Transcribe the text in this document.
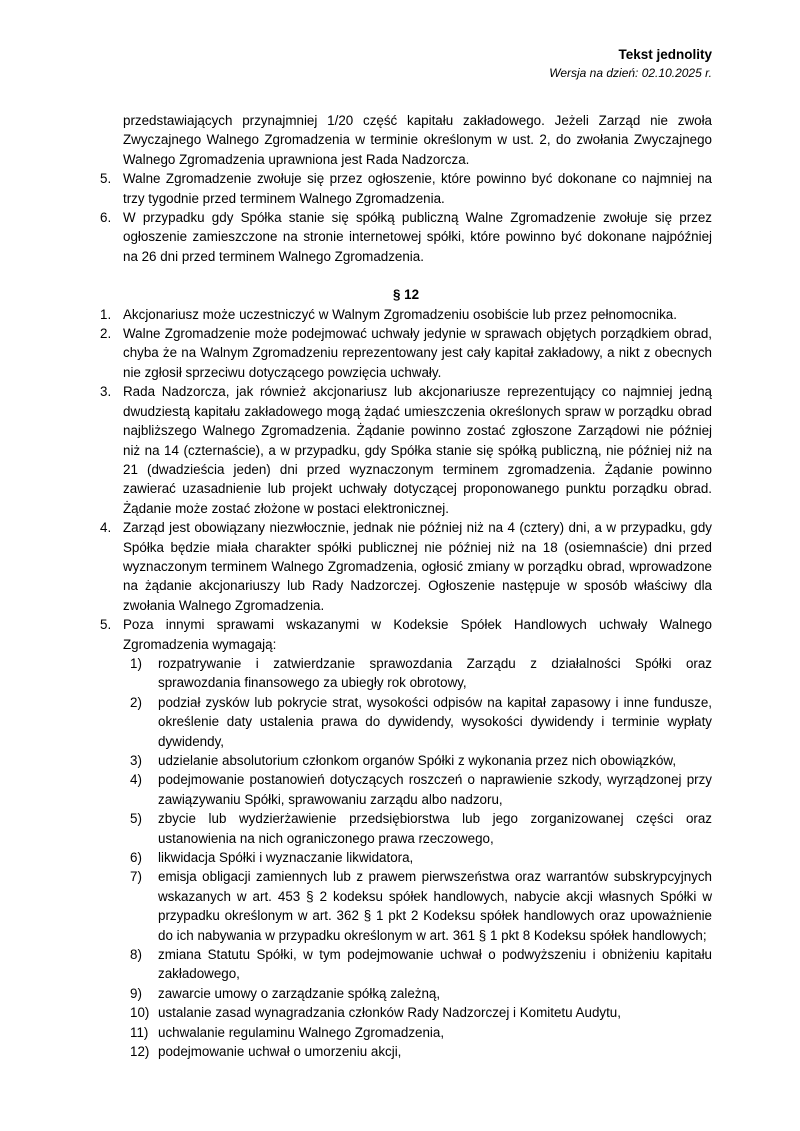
Tekst jednolity
Wersja na dzień: 02.10.2025 r.

przedstawiających przynajmniej 1/20 część kapitału zakładowego. Jeżeli Zarząd nie zwoła Zwyczajnego Walnego Zgromadzenia w terminie określonym w ust. 2, do zwołania Zwyczajnego Walnego Zgromadzenia uprawniona jest Rada Nadzorcza.

5. Walne Zgromadzenie zwołuje się przez ogłoszenie, które powinno być dokonane co najmniej na trzy tygodnie przed terminem Walnego Zgromadzenia.
6. W przypadku gdy Spółka stanie się spółką publiczną Walne Zgromadzenie zwołuje się przez ogłoszenie zamieszczone na stronie internetowej spółki, które powinno być dokonane najpóźniej na 26 dni przed terminem Walnego Zgromadzenia.
§ 12
1. Akcjonariusz może uczestniczyć w Walnym Zgromadzeniu osobiście lub przez pełnomocnika.
2. Walne Zgromadzenie może podejmować uchwały jedynie w sprawach objętych porządkiem obrad, chyba że na Walnym Zgromadzeniu reprezentowany jest cały kapitał zakładowy, a nikt z obecnych nie zgłosił sprzeciwu dotyczącego powzięcia uchwały.
3. Rada Nadzorcza, jak również akcjonariusz lub akcjonariusze reprezentujący co najmniej jedną dwudziestą kapitału zakładowego mogą żądać umieszczenia określonych spraw w porządku obrad najbliższego Walnego Zgromadzenia. Żądanie powinno zostać zgłoszone Zarządowi nie później niż na 14 (czternaście), a w przypadku, gdy Spółka stanie się spółką publiczną, nie później niż na 21 (dwadzieścia jeden) dni przed wyznaczonym terminem zgromadzenia. Żądanie powinno zawierać uzasadnienie lub projekt uchwały dotyczącej proponowanego punktu porządku obrad. Żądanie może zostać złożone w postaci elektronicznej.
4. Zarząd jest obowiązany niezwłocznie, jednak nie później niż na 4 (cztery) dni, a w przypadku, gdy Spółka będzie miała charakter spółki publicznej nie później niż na 18 (osiemnaście) dni przed wyznaczonym terminem Walnego Zgromadzenia, ogłosić zmiany w porządku obrad, wprowadzone na żądanie akcjonariuszy lub Rady Nadzorczej. Ogłoszenie następuje w sposób właściwy dla zwołania Walnego Zgromadzenia.
5. Poza innymi sprawami wskazanymi w Kodeksie Spółek Handlowych uchwały Walnego Zgromadzenia wymagają:
1)	rozpatrywanie i zatwierdzanie sprawozdania Zarządu z działalności Spółki oraz sprawozdania finansowego za ubiegły rok obrotowy,
2)	podział zysków lub pokrycie strat, wysokości odpisów na kapitał zapasowy i inne fundusze, określenie daty ustalenia prawa do dywidendy, wysokości dywidendy i terminie wypłaty dywidendy,
3)	udzielanie absolutorium członkom organów Spółki z wykonania przez nich obowiązków,
4)	podejmowanie postanowień dotyczących roszczeń o naprawienie szkody, wyrządzonej przy zawiązywaniu Spółki, sprawowaniu zarządu albo nadzoru,
5)	zbycie lub wydzierżawienie przedsiębiorstwa lub jego zorganizowanej części oraz ustanowienia na nich ograniczonego prawa rzeczowego,
6)	likwidacja Spółki i wyznaczanie likwidatora,
7)	emisja obligacji zamiennych lub z prawem pierwszeństwa oraz warrantów subskrypcyjnych wskazanych w art. 453 § 2 kodeksu spółek handlowych, nabycie akcji własnych Spółki w przypadku określonym w art. 362 § 1 pkt 2 Kodeksu spółek handlowych oraz upoważnienie do ich nabywania w przypadku określonym w art. 361 § 1 pkt 8 Kodeksu spółek handlowych;
8)	zmiana Statutu Spółki, w tym podejmowanie uchwał o podwyższeniu i obniżeniu kapitału zakładowego,
9)	zawarcie umowy o zarządzanie spółką zależną,
10) ustalanie zasad wynagradzania członków Rady Nadzorczej i Komitetu Audytu,
11) uchwalanie regulaminu Walnego Zgromadzenia,
12) podejmowanie uchwał o umorzeniu akcji,
